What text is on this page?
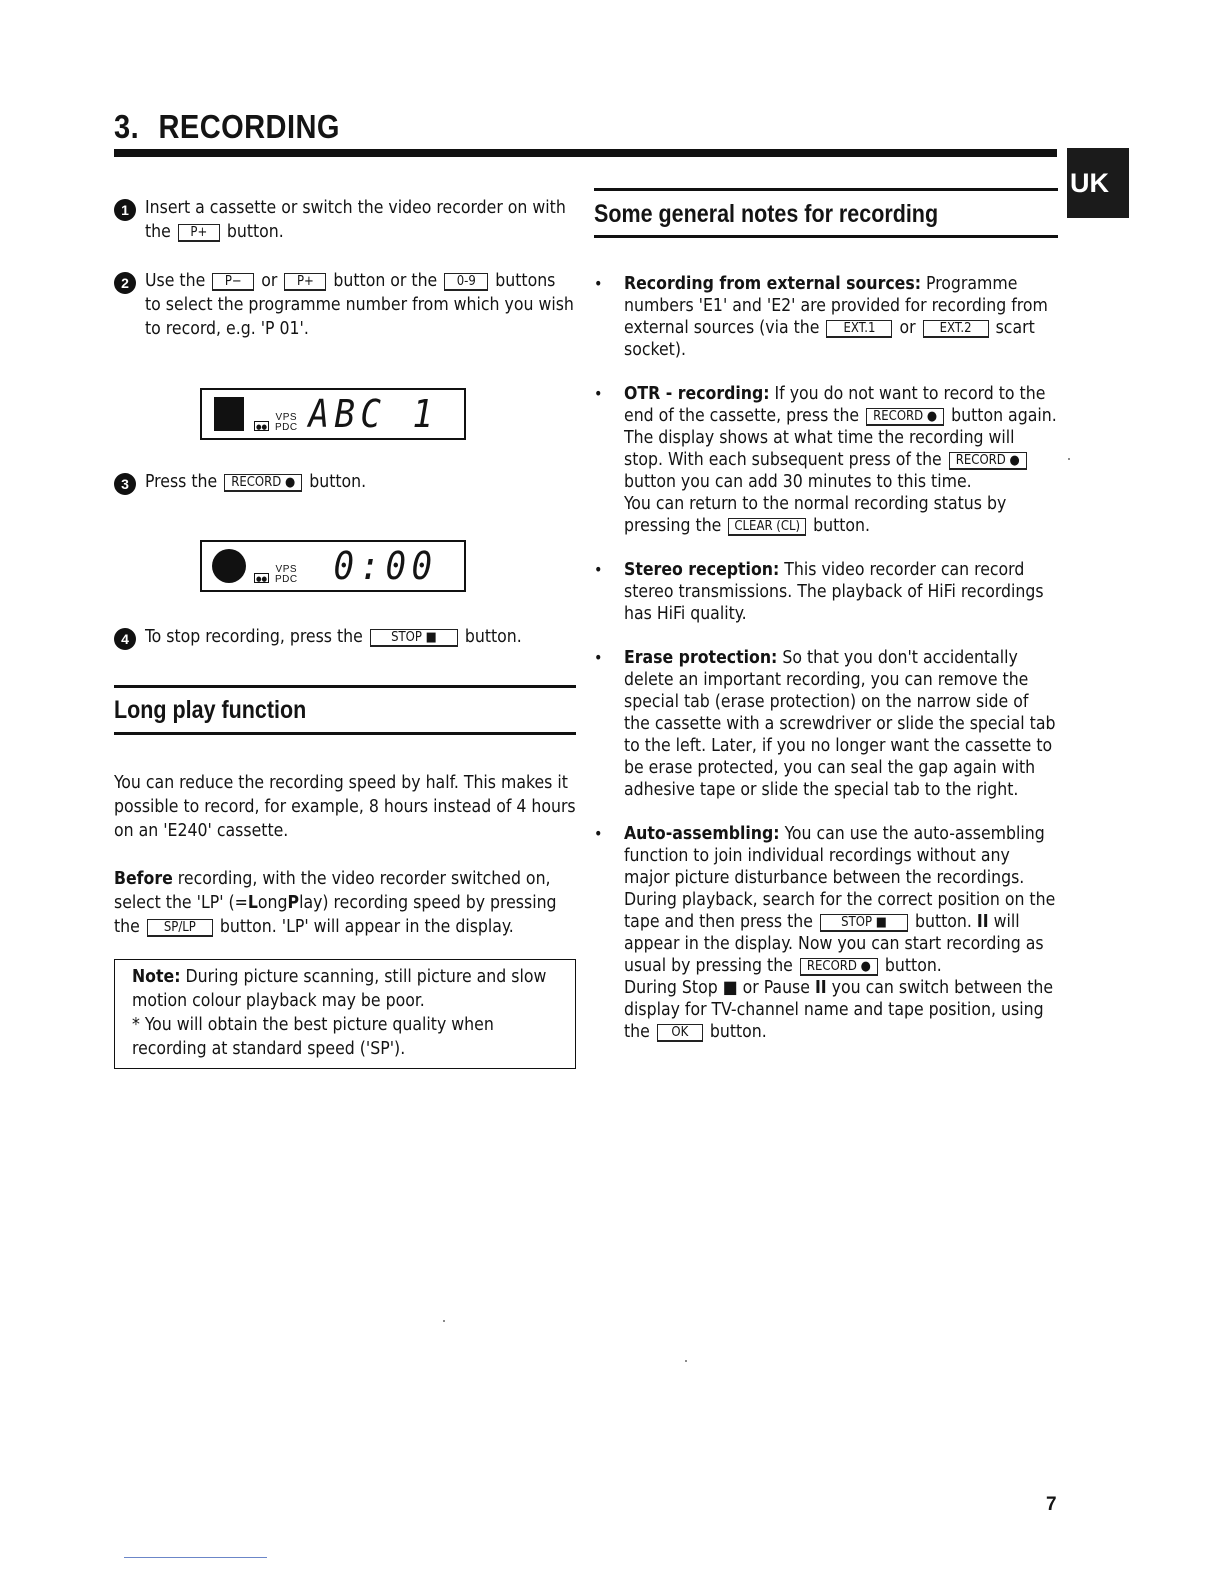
3. RECORDING
UK
1 Insert a cassette or switch the video recorder on with the P+ button.
2 Use the P− or P+ button or the 0-9 buttons to select the programme number from which you wish to record, e.g. 'P 01'.
●●
VPS
PDC ABC 1
3 Press the RECORD ● button.
●●
VPS
PDC 0:00
4 To stop recording, press the STOP ■ button.
Long play function

You can reduce the recording speed by half. This makes it possible to record, for example, 8 hours instead of 4 hours on an 'E240' cassette.

Before recording, with the video recorder switched on, select the 'LP' (=LongPlay) recording speed by pressing the SP/LP button. 'LP' will appear in the display.

Note: During picture scanning, still picture and slow motion colour playback may be poor.
* You will obtain the best picture quality when recording at standard speed ('SP').
Some general notes for recording
• Recording from external sources: Programme numbers 'E1' and 'E2' are provided for recording from external sources (via the EXT.1 or EXT.2 scart socket).
• OTR - recording: If you do not want to record to the end of the cassette, press the RECORD ● button again. The display shows at what time the recording will stop. With each subsequent press of the RECORD ● button you can add 30 minutes to this time.
You can return to the normal recording status by pressing the CLEAR (CL) button.
• Stereo reception: This video recorder can record stereo transmissions. The playback of HiFi recordings has HiFi quality.
• Erase protection: So that you don't accidentally delete an important recording, you can remove the special tab (erase protection) on the narrow side of the cassette with a screwdriver or slide the special tab to the left. Later, if you no longer want the cassette to be erase protected, you can seal the gap again with adhesive tape or slide the special tab to the right.
• Auto-assembling: You can use the auto-assembling function to join individual recordings without any major picture disturbance between the recordings. During playback, search for the correct position on the tape and then press the STOP ■ button. II will appear in the display. Now you can start recording as usual by pressing the RECORD ● button.
During Stop ■ or Pause II you can switch between the display for TV-channel name and tape position, using the OK button.
7
